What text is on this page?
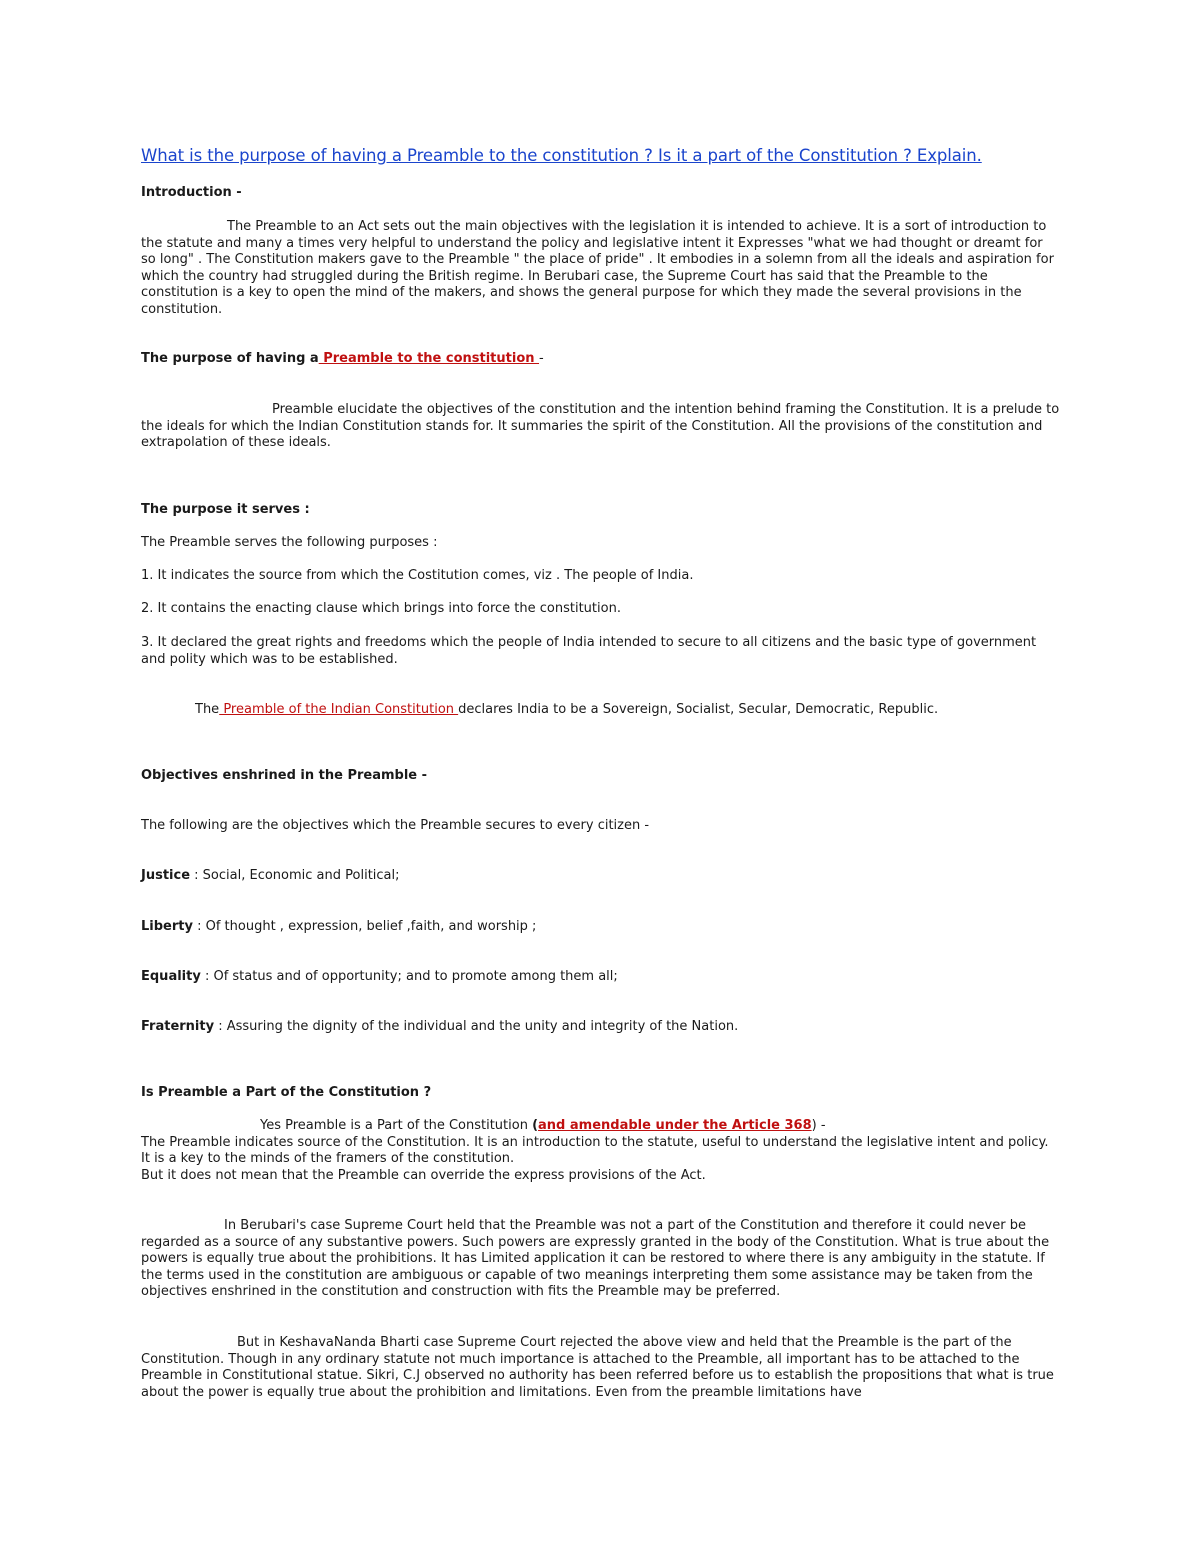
What is the purpose of having a Preamble to the constitution ? Is it a part of the Constitution ? Explain.
Introduction -
The Preamble to an Act sets out the main objectives with the legislation it is intended to achieve. It is a sort of introduction to the statute and many a times very helpful to understand the policy and legislative intent it Expresses "what we had thought or dreamt for so long" . The Constitution makers gave to the Preamble " the place of pride" . It embodies in a solemn from all the ideals and aspiration for which the country had struggled during the British regime. In Berubari case, the Supreme Court has said that the Preamble to the constitution is a key to open the mind of the makers, and shows the general purpose for which they made the several provisions in the constitution.
The purpose of having a Preamble to the constitution -
Preamble elucidate the objectives of the constitution and the intention behind framing the Constitution. It is a prelude to the ideals for which the Indian Constitution stands for. It summaries the spirit of the Constitution. All the provisions of the constitution and extrapolation of these ideals.
The purpose it serves :
The Preamble serves the following purposes :
1. It indicates the source from which the Costitution comes, viz . The people of India.
2. It contains the enacting clause which brings into force the constitution.
3. It declared the great rights and freedoms which the people of India intended to secure to all citizens and the basic type of government and polity which was to be established.
The Preamble of the Indian Constitution declares India to be a Sovereign, Socialist, Secular, Democratic, Republic.
Objectives enshrined in the Preamble -
The following are the objectives which the Preamble secures to every citizen -
Justice : Social, Economic and Political;
Liberty : Of thought , expression, belief ,faith, and worship ;
Equality : Of status and of opportunity; and to promote among them all;
Fraternity : Assuring the dignity of the individual and the unity and integrity of the Nation.
Is Preamble a Part of the Constitution ?
Yes Preamble is a Part of the Constitution (and amendable under the Article 368) -
The Preamble indicates source of the Constitution. It is an introduction to the statute, useful to understand the legislative intent and policy. It is a key to the minds of the framers of the constitution.
But it does not mean that the Preamble can override the express provisions of the Act.
In Berubari's case Supreme Court held that the Preamble was not a part of the Constitution and therefore it could never be regarded as a source of any substantive powers. Such powers are expressly granted in the body of the Constitution. What is true about the powers is equally true about the prohibitions. It has Limited application it can be restored to where there is any ambiguity in the statute. If the terms used in the constitution are ambiguous or capable of two meanings interpreting them some assistance may be taken from the objectives enshrined in the constitution and construction with fits the Preamble may be preferred.
But in KeshavaNanda Bharti case Supreme Court rejected the above view and held that the Preamble is the part of the Constitution. Though in any ordinary statute not much importance is attached to the Preamble, all important has to be attached to the Preamble in Constitutional statue. Sikri, C.J observed no authority has been referred before us to establish the propositions that what is true about the power is equally true about the prohibition and limitations. Even from the preamble limitations have
